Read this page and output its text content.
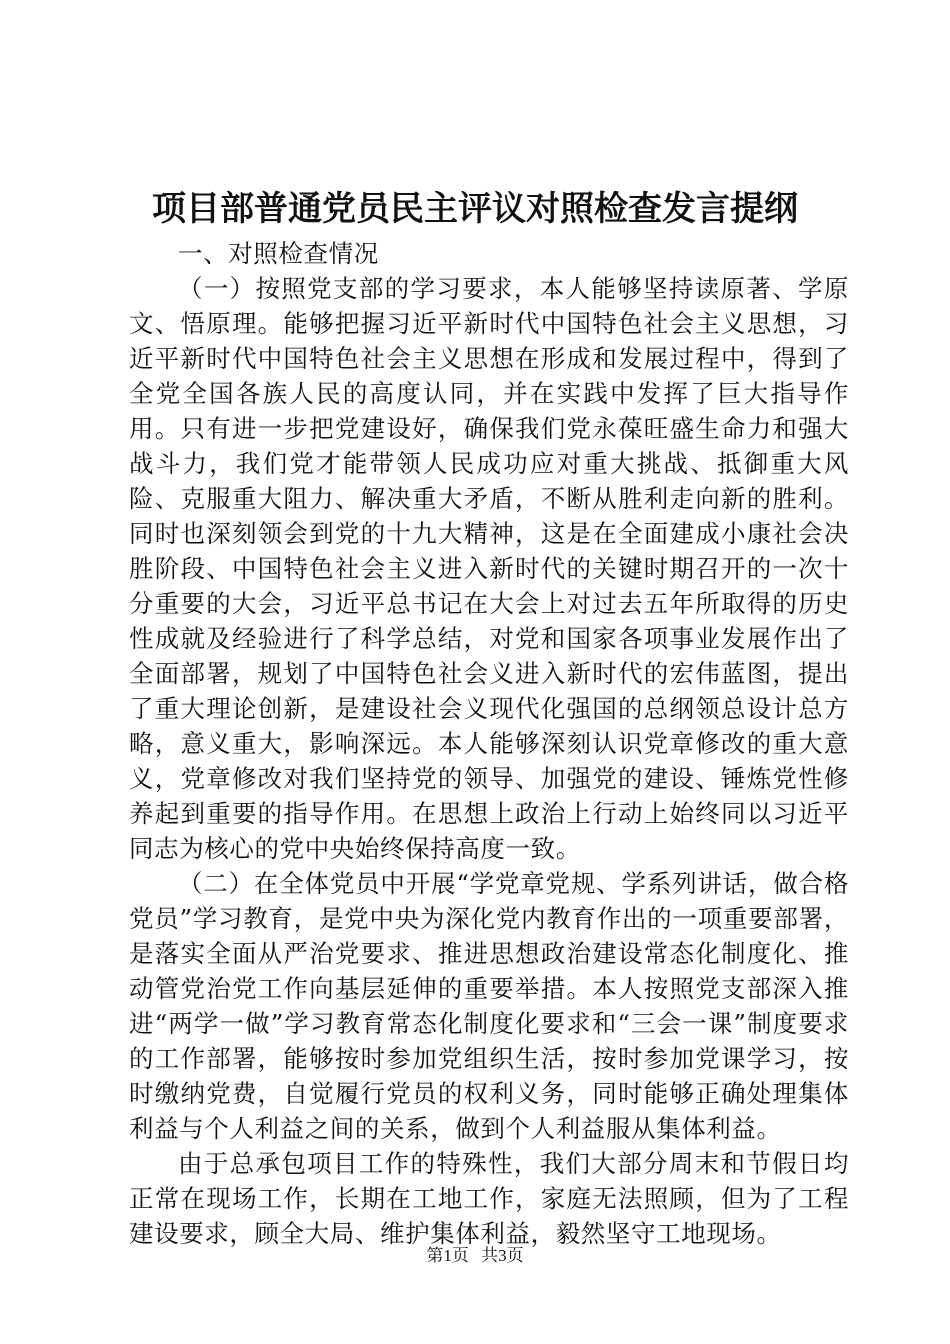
项目部普通党员民主评议对照检查发言提纲

一、对照检查情况

（一）按照党支部的学习要求，本人能够坚持读原著、学原文、悟原理。能够把握习近平新时代中国特色社会主义思想，习近平新时代中国特色社会主义思想在形成和发展过程中，得到了全党全国各族人民的高度认同，并在实践中发挥了巨大指导作用。只有进一步把党建设好，确保我们党永葆旺盛生命力和强大战斗力，我们党才能带领人民成功应对重大挑战、抵御重大风险、克服重大阻力、解决重大矛盾，不断从胜利走向新的胜利。同时也深刻领会到党的十九大精神，这是在全面建成小康社会决胜阶段、中国特色社会主义进入新时代的关键时期召开的一次十分重要的大会，习近平总书记在大会上对过去五年所取得的历史性成就及经验进行了科学总结，对党和国家各项事业发展作出了全面部署，规划了中国特色社会义进入新时代的宏伟蓝图，提出了重大理论创新，是建设社会义现代化强国的总纲领总设计总方略，意义重大，影响深远。本人能够深刻认识党章修改的重大意义，党章修改对我们坚持党的领导、加强党的建设、锤炼党性修养起到重要的指导作用。在思想上政治上行动上始终同以习近平同志为核心的党中央始终保持高度一致。

（二）在全体党员中开展“学党章党规、学系列讲话，做合格党员”学习教育，是党中央为深化党内教育作出的一项重要部署，是落实全面从严治党要求、推进思想政治建设常态化制度化、推动管党治党工作向基层延伸的重要举措。本人按照党支部深入推进“两学一做”学习教育常态化制度化要求和“三会一课”制度要求的工作部署，能够按时参加党组织生活，按时参加党课学习，按时缴纳党费，自觉履行党员的权利义务，同时能够正确处理集体利益与个人利益之间的关系，做到个人利益服从集体利益。

由于总承包项目工作的特殊性，我们大部分周末和节假日均正常在现场工作，长期在工地工作，家庭无法照顾，但为了工程建设要求，顾全大局、维护集体利益，毅然坚守工地现场。

第1页 共3页
